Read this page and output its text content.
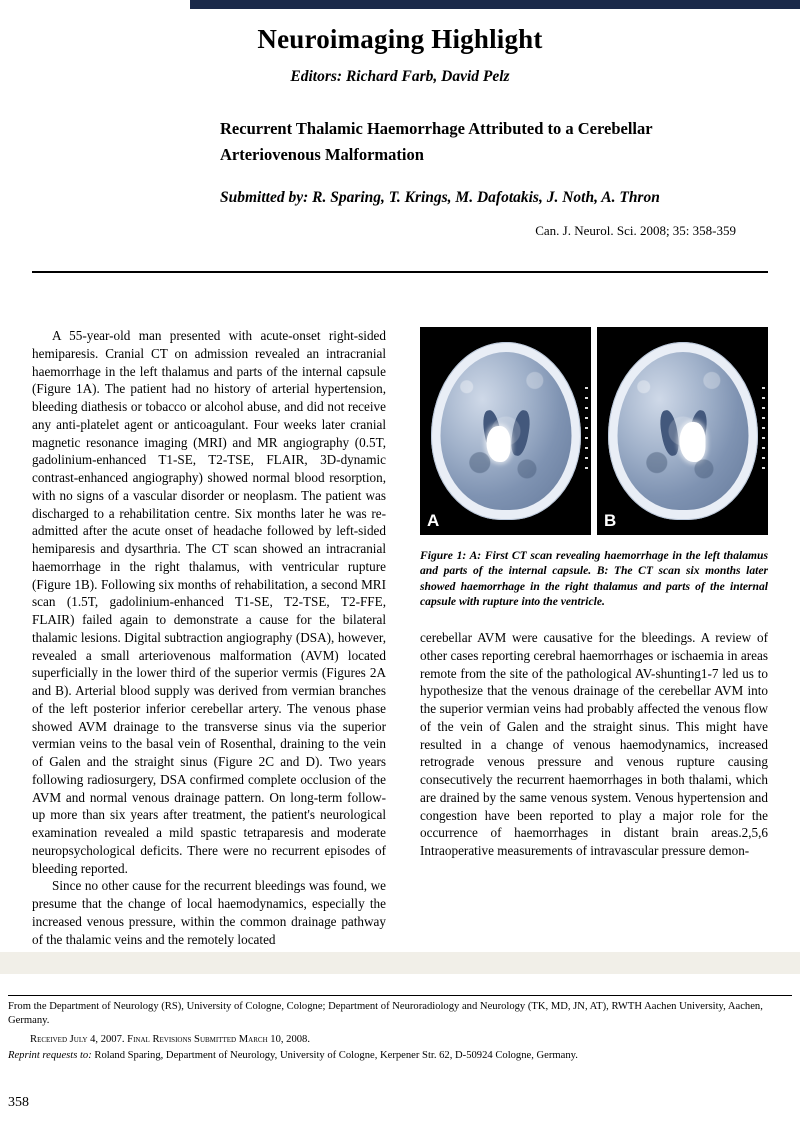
Neuroimaging Highlight
Editors: Richard Farb, David Pelz
Recurrent Thalamic Haemorrhage Attributed to a Cerebellar Arteriovenous Malformation
Submitted by: R. Sparing, T. Krings, M. Dafotakis, J. Noth, A. Thron
Can. J. Neurol. Sci. 2008; 35: 358-359

A 55-year-old man presented with acute-onset right-sided hemiparesis. Cranial CT on admission revealed an intracranial haemorrhage in the left thalamus and parts of the internal capsule (Figure 1A). The patient had no history of arterial hypertension, bleeding diathesis or tobacco or alcohol abuse, and did not receive any anti-platelet agent or anticoagulant. Four weeks later cranial magnetic resonance imaging (MRI) and MR angiography (0.5T, gadolinium-enhanced T1-SE, T2-TSE, FLAIR, 3D-dynamic contrast-enhanced angiography) showed normal blood resorption, with no signs of a vascular disorder or neoplasm. The patient was discharged to a rehabilitation centre. Six months later he was re-admitted after the acute onset of headache followed by left-sided hemiparesis and dysarthria. The CT scan showed an intracranial haemorrhage in the right thalamus, with ventricular rupture (Figure 1B). Following six months of rehabilitation, a second MRI scan (1.5T, gadolinium-enhanced T1-SE, T2-TSE, T2-FFE, FLAIR) failed again to demonstrate a cause for the bilateral thalamic lesions. Digital subtraction angiography (DSA), however, revealed a small arteriovenous malformation (AVM) located superficially in the lower third of the superior vermis (Figures 2A and B). Arterial blood supply was derived from vermian branches of the left posterior inferior cerebellar artery. The venous phase showed AVM drainage to the transverse sinus via the superior vermian veins to the basal vein of Rosenthal, draining to the vein of Galen and the straight sinus (Figure 2C and D). Two years following radiosurgery, DSA confirmed complete occlusion of the AVM and normal venous drainage pattern. On long-term follow-up more than six years after treatment, the patient's neurological examination revealed a mild spastic tetraparesis and moderate neuropsychological deficits. There were no recurrent episodes of bleeding reported.

Since no other cause for the recurrent bleedings was found, we presume that the change of local haemodynamics, especially the increased venous pressure, within the common drainage pathway of the thalamic veins and the remotely located

A	B
Figure 1: A: First CT scan revealing haemorrhage in the left thalamus and parts of the internal capsule. B: The CT scan six months later showed haemorrhage in the right thalamus and parts of the internal capsule with rupture into the ventricle.

cerebellar AVM were causative for the bleedings. A review of other cases reporting cerebral haemorrhages or ischaemia in areas remote from the site of the pathological AV-shunting1-7 led us to hypothesize that the venous drainage of the cerebellar AVM into the superior vermian veins had probably affected the venous flow of the vein of Galen and the straight sinus. This might have resulted in a change of venous haemodynamics, increased retrograde venous pressure and venous rupture causing consecutively the recurrent haemorrhages in both thalami, which are drained by the same venous system. Venous hypertension and congestion have been reported to play a major role for the occurrence of haemorrhages in distant brain areas.2,5,6 Intraoperative measurements of intravascular pressure demon-

From the Department of Neurology (RS), University of Cologne, Cologne; Department of Neuroradiology and Neurology (TK, MD, JN, AT), RWTH Aachen University, Aachen, Germany.
Received July 4, 2007. Final Revisions Submitted March 10, 2008.
Reprint requests to: Roland Sparing, Department of Neurology, University of Cologne, Kerpener Str. 62, D-50924 Cologne, Germany.
358
